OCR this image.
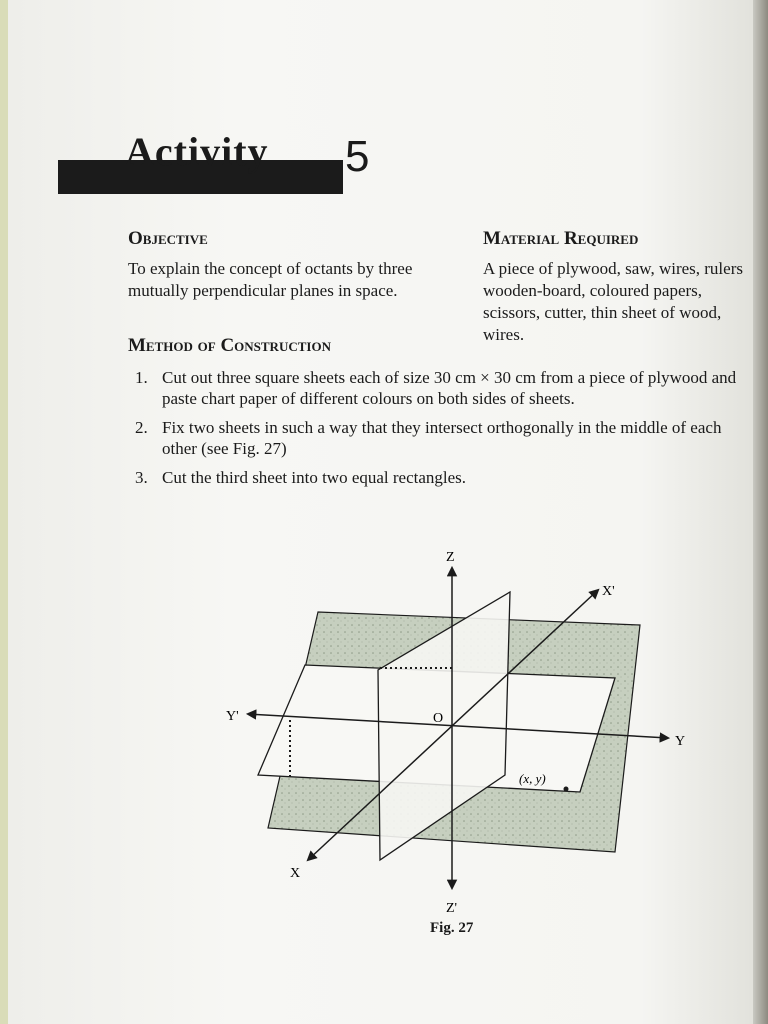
Activity 5
Objective
To explain the concept of octants by three mutually perpendicular planes in space.
Material Required
A piece of plywood, saw, wires, rulers wooden-board, coloured papers, scissors, cutter, thin sheet of wood, wires.
Method of Construction
1. Cut out three square sheets each of size 30 cm × 30 cm from a piece of plywood and paste chart paper of different colours on both sides of sheets.
2. Fix two sheets in such a way that they intersect orthogonally in the middle of each other (see Fig. 27)
3. Cut the third sheet into two equal rectangles.
Z
Z'
X'
X
Y
Y'	O
(x, y)
Fig. 27
